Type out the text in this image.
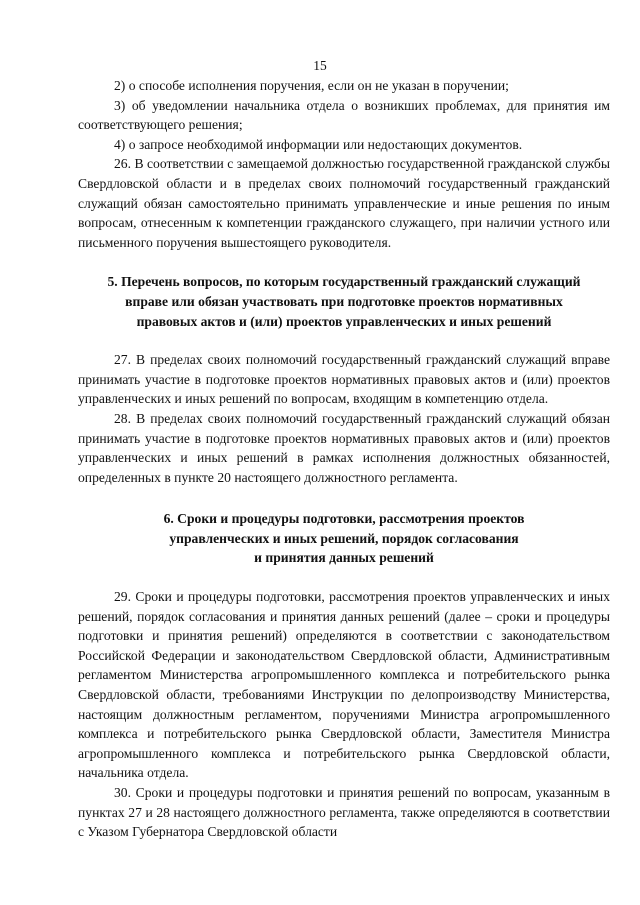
15

2) о способе исполнения поручения, если он не указан в поручении;

3) об уведомлении начальника отдела о возникших проблемах, для принятия им соответствующего решения;

4) о запросе необходимой информации или недостающих документов.

26. В соответствии с замещаемой должностью государственной гражданской службы Свердловской области и в пределах своих полномочий государственный гражданский служащий обязан самостоятельно принимать управленческие и иные решения по иным вопросам, отнесенным к компетенции гражданского служащего, при наличии устного или письменного поручения вышестоящего руководителя.

5. Перечень вопросов, по которым государственный гражданский служащий
вправе или обязан участвовать при подготовке проектов нормативных
правовых актов и (или) проектов управленческих и иных решений

27. В пределах своих полномочий государственный гражданский служащий вправе принимать участие в подготовке проектов нормативных правовых актов и (или) проектов управленческих и иных решений по вопросам, входящим в компетенцию отдела.

28. В пределах своих полномочий государственный гражданский служащий обязан принимать участие в подготовке проектов нормативных правовых актов и (или) проектов управленческих и иных решений в рамках исполнения должностных обязанностей, определенных в пункте 20 настоящего должностного регламента.

6. Сроки и процедуры подготовки, рассмотрения проектов
управленческих и иных решений, порядок согласования
и принятия данных решений

29. Сроки и процедуры подготовки, рассмотрения проектов управленческих и иных решений, порядок согласования и принятия данных решений (далее – сроки и процедуры подготовки и принятия решений) определяются в соответствии с законодательством Российской Федерации и законодательством Свердловской области, Административным регламентом Министерства агропромышленного комплекса и потребительского рынка Свердловской области, требованиями Инструкции по делопроизводству Министерства, настоящим должностным регламентом, поручениями Министра агропромышленного комплекса и потребительского рынка Свердловской области, Заместителя Министра агропромышленного комплекса и потребительского рынка Свердловской области, начальника отдела.

30. Сроки и процедуры подготовки и принятия решений по вопросам, указанным в пунктах 27 и 28 настоящего должностного регламента, также определяются в соответствии с Указом Губернатора Свердловской области
